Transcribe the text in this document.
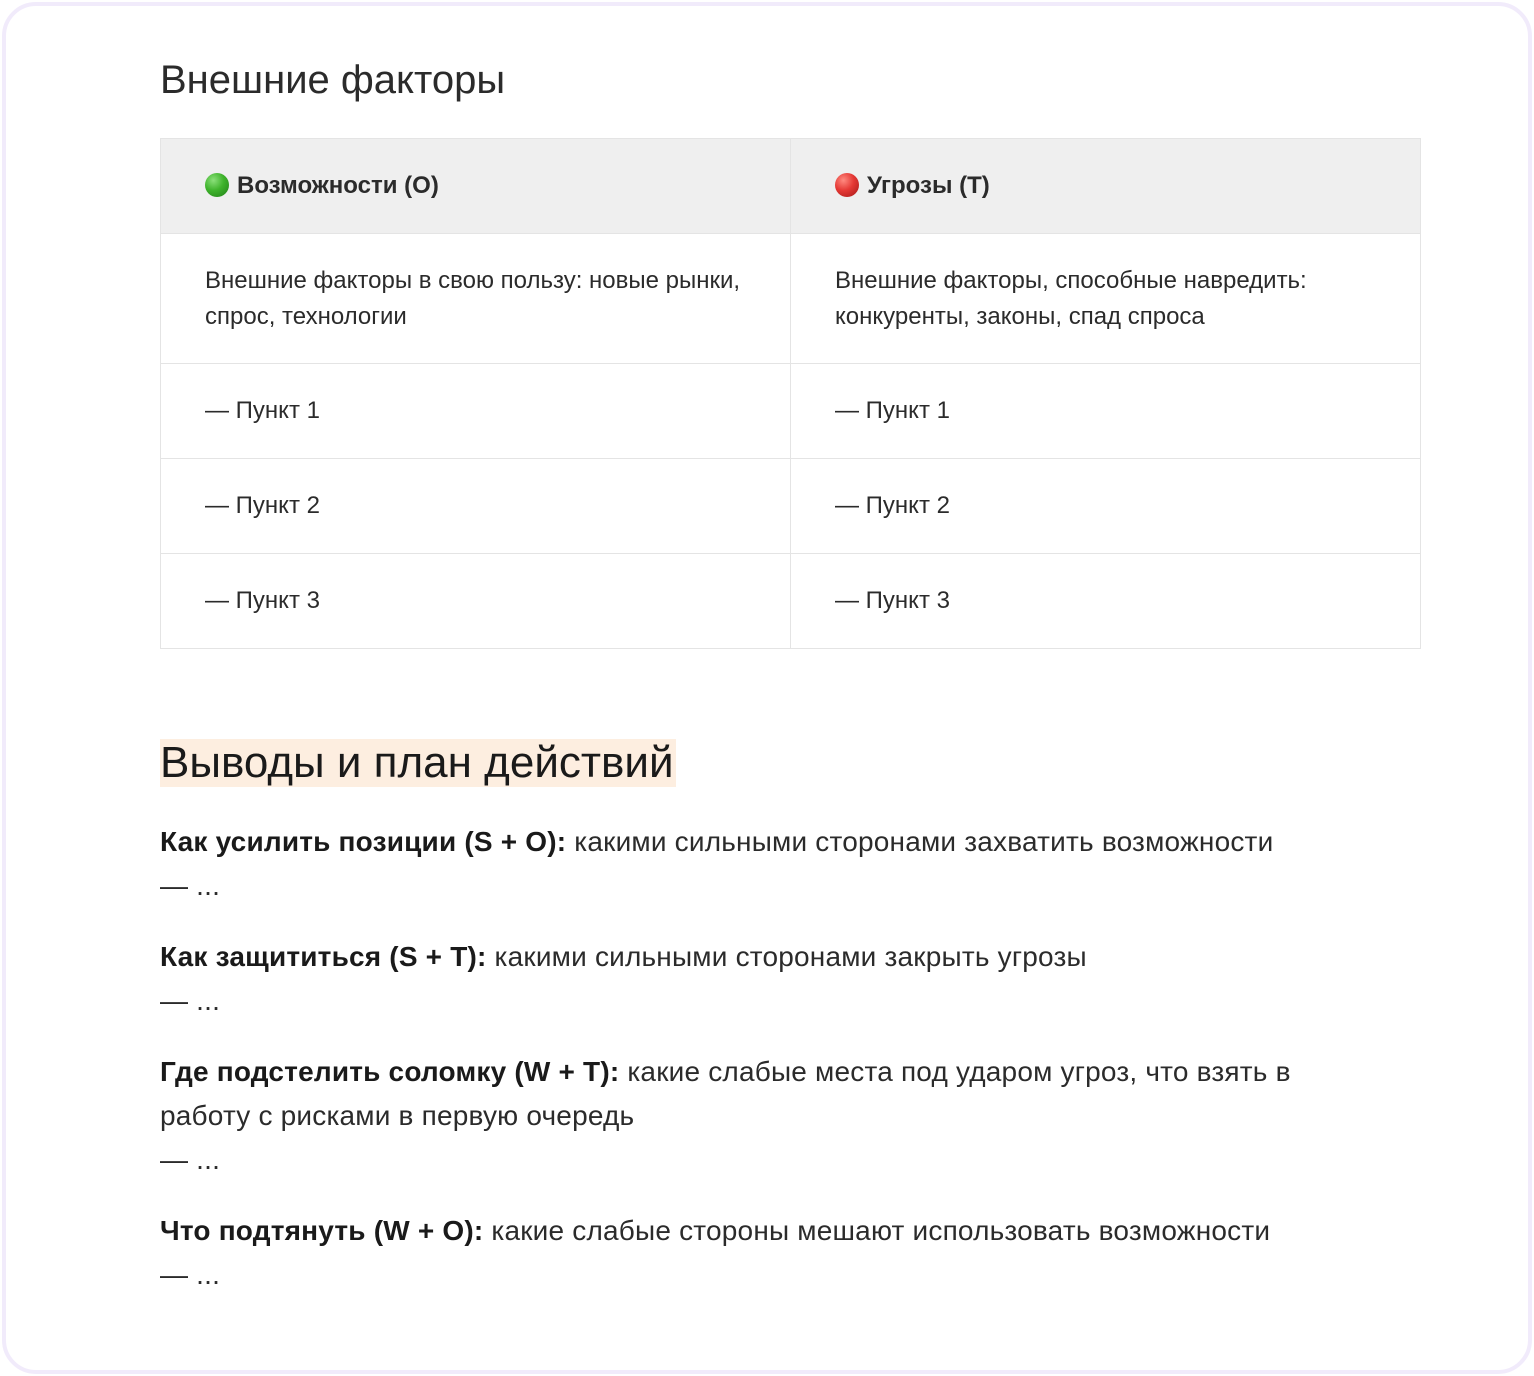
Внешние факторы
Возможности (O)	Угрозы (T)
Внешние факторы в свою пользу: новые рынки, спрос, технологии	Внешние факторы, способные навредить: конкуренты, законы, спад спроса
— Пункт 1	— Пункт 1
— Пункт 2	— Пункт 2
— Пункт 3	— Пункт 3
Выводы и план действий

Как усилить позиции (S + O): какими сильными сторонами захватить возможности

— ...

Как защититься (S + T): какими сильными сторонами закрыть угрозы

— ...

Где подстелить соломку (W + T): какие слабые места под ударом угроз, что взять в работу с рисками в первую очередь

— ...

Что подтянуть (W + O): какие слабые стороны мешают использовать возможности

— ...
